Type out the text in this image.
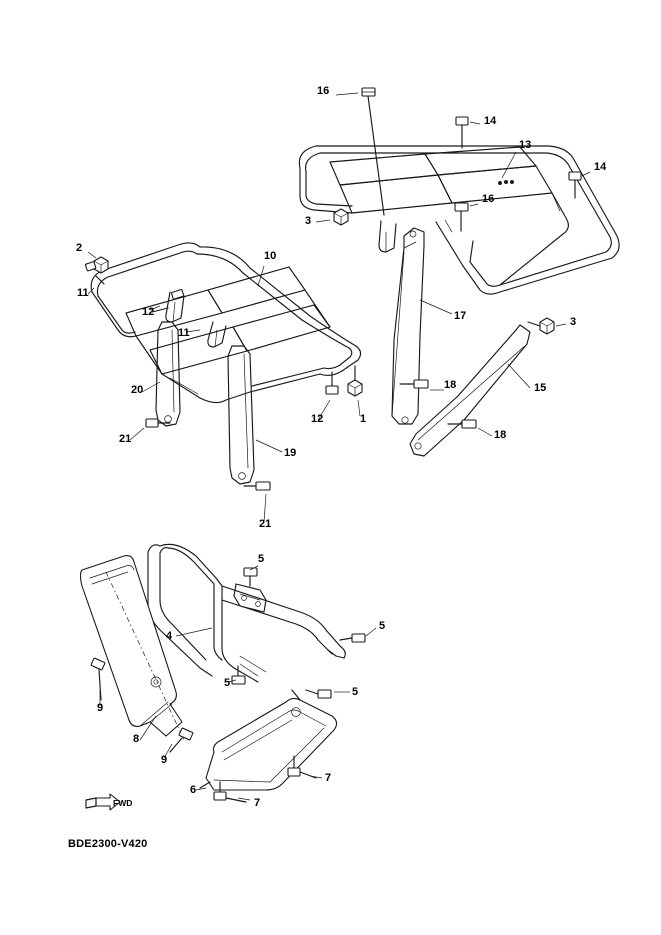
16
14
13
14
16
3
2
10
11
12
3
17
11
15
18
20
12	1
21	18
19
21
5
5
4
5
5
9
8
9
7
6
7
FWD
BDE2300-V420
